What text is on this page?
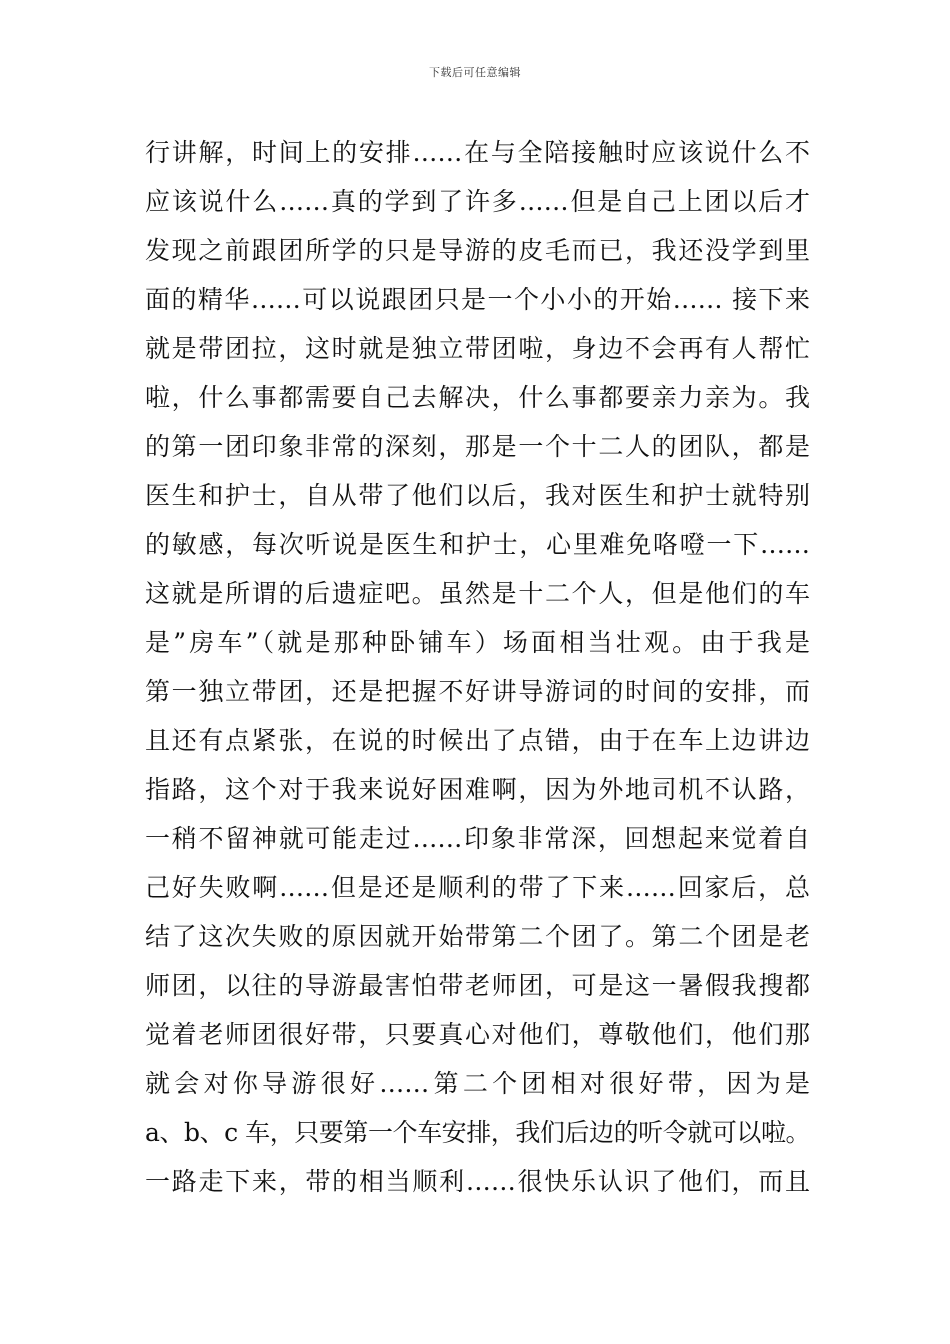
下载后可任意编辑
行讲解，时间上的安排……在与全陪接触时应该说什么不
应该说什么……真的学到了许多……但是自己上团以后才
发现之前跟团所学的只是导游的皮毛而已，我还没学到里
面的精华……可以说跟团只是一个小小的开始…… 接下来
就是带团拉，这时就是独立带团啦，身边不会再有人帮忙
啦，什么事都需要自己去解决，什么事都要亲力亲为。我
的第一团印象非常的深刻，那是一个十二人的团队，都是
医生和护士，自从带了他们以后，我对医生和护士就特别
的敏感，每次听说是医生和护士，心里难免咯噔一下……
这就是所谓的后遗症吧。虽然是十二个人，但是他们的车
是”房车”（就是那种卧铺车）场面相当壮观。由于我是
第一独立带团，还是把握不好讲导游词的时间的安排，而
且还有点紧张，在说的时候出了点错，由于在车上边讲边
指路，这个对于我来说好困难啊，因为外地司机不认路，
一稍不留神就可能走过……印象非常深，回想起来觉着自
己好失败啊……但是还是顺利的带了下来……回家后，总
结了这次失败的原因就开始带第二个团了。第二个团是老
师团，以往的导游最害怕带老师团，可是这一暑假我搜都
觉着老师团很好带，只要真心对他们，尊敬他们，他们那
就会对你导游很好……第二个团相对很好带，因为是
a、b、c 车，只要第一个车安排，我们后边的听令就可以啦。
一路走下来，带的相当顺利……很快乐认识了他们，而且
